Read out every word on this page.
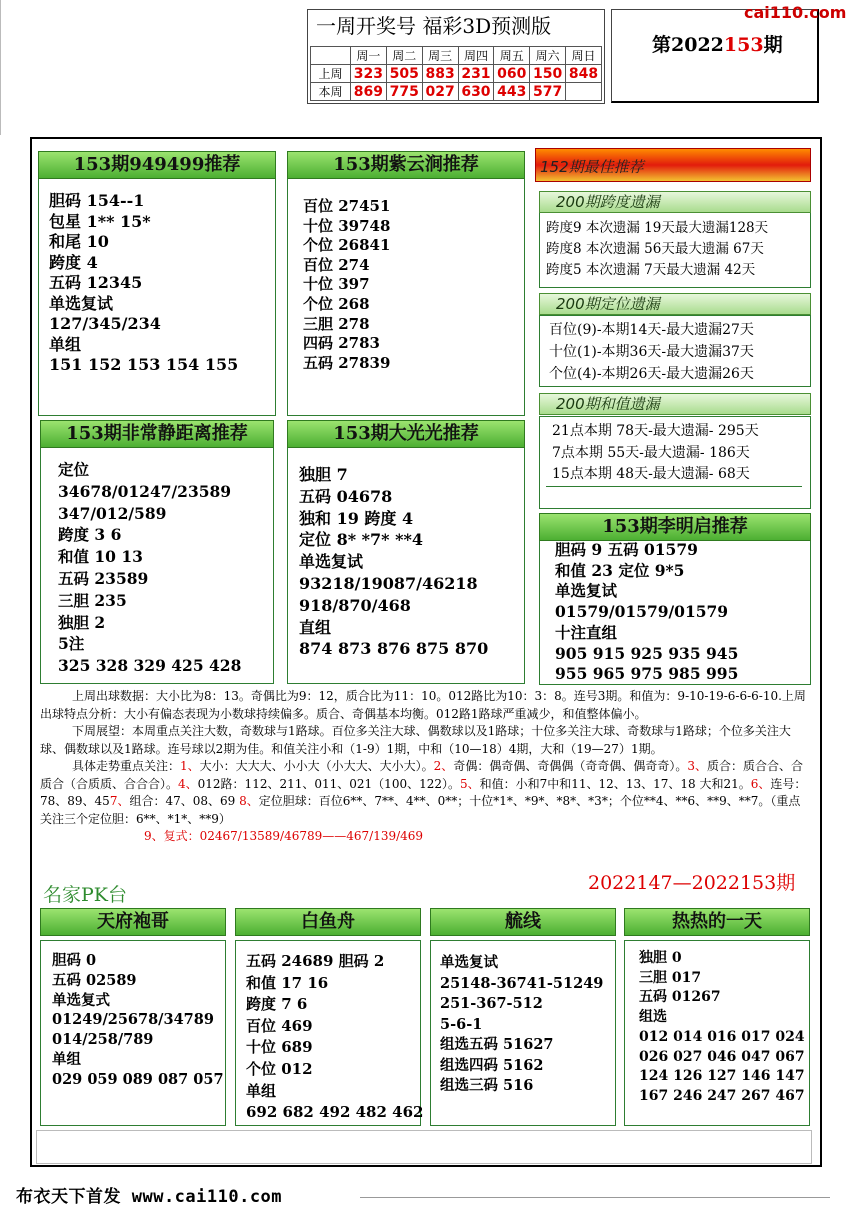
一周开奖号 福彩3D预测版
	周一	周二	周三	周四	周五	周六	周日
上周	323	505	883	231	060	150	848
本周	869	775	027	630	443	577	
第2022153期
cai110.com
153期949499推荐
胆码 154--1
包星 1** 15*
和尾 10
跨度 4
五码 12345
单选复试
127/345/234
单组
151 152 153 154 155
153期紫云涧推荐
百位 27451
十位 39748
个位 26841
百位 274
十位 397
个位 268
三胆 278
四码 2783
五码 27839
153期非常静距离推荐
定位
34678/01247/23589
347/012/589
跨度 3 6
和值 10 13
五码 23589
三胆 235
独胆 2
5注
325 328 329 425 428
153期大光光推荐
独胆 7
五码 04678
独和 19 跨度 4
定位 8* *7* **4
单选复试
93218/19087/46218
918/870/468
直组
874 873 876 875 870
152期最佳推荐
200期跨度遗漏
跨度9 本次遗漏 19天最大遗漏128天
跨度8 本次遗漏 56天最大遗漏 67天
跨度5 本次遗漏 7天最大遗漏 42天
200期定位遗漏
百位(9)-本期14天-最大遗漏27天
十位(1)-本期36天-最大遗漏37天
个位(4)-本期26天-最大遗漏26天
200期和值遗漏
21点本期 78天-最大遗漏- 295天
7点本期 55天-最大遗漏- 186天
15点本期 48天-最大遗漏- 68天
153期李明启推荐
胆码 9 五码 01579
和值 23 定位 9*5
单选复试
01579/01579/01579
十注直组
905 915 925 935 945
955 965 975 985 995

上周出球数据：大小比为8：13。奇偶比为9：12，质合比为11：10。012路比为10：3：8。连号3期。和值为：9-10-19-6-6-6-10.上周出球特点分析：大小有偏态表现为小数球持续偏多。质合、奇偶基本均衡。012路1路球严重减少，和值整体偏小。

下周展望：本周重点关注大数，奇数球与1路球。百位多关注大球、偶数球以及1路球；十位多关注大球、奇数球与1路球；个位多关注大球、偶数球以及1路球。连号球以2期为佳。和值关注小和（1-9）1期，中和（10—18）4期，大和（19—27）1期。

具体走势重点关注：1、大小：大大大、小小大（小大大、大小大）。2、奇偶：偶奇偶、奇偶偶（奇奇偶、偶奇奇）。3、质合：质合合、合质合（合质质、合合合）。4、012路：112、211、011、021（100、122）。5、和值：小和7中和11、12、13、17、18 大和21。6、连号：78、89、457、组合：47、08、69 8、定位胆球：百位6**、7**、4**、0**；十位*1*、*9*、*8*、*3*；个位**4、**6、**9、**7。（重点关注三个定位胆：6**、*1*、**9）

9、复式：02467/13589/46789——467/139/469

名家PK台
2022147—2022153期
天府袍哥
胆码 0
五码 02589
单选复式
01249/25678/34789
014/258/789
单组
029 059 089 087 057
白鱼舟
五码 24689 胆码 2
和值 17 16
跨度 7 6
百位 469
十位 689
个位 012
单组
692 682 492 482 462
艈线
单选复试
25148-36741-51249
251-367-512
5-6-1
组选五码 51627
组选四码 5162
组选三码 516
热热的一天
独胆 0
三胆 017
五码 01267
组选
012 014 016 017 024
026 027 046 047 067
124 126 127 146 147
167 246 247 267 467
布衣天下首发 www.cai110.com
